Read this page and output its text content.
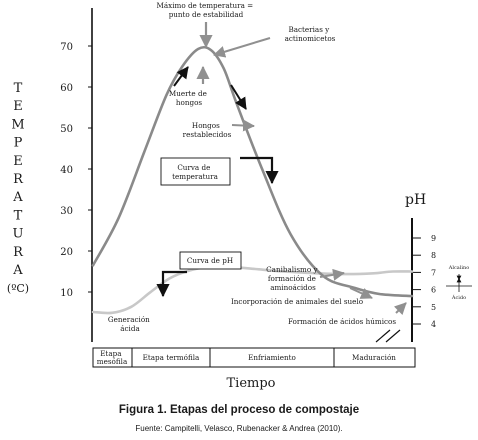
T
E
M
P
E
R
A
T
U
R
A
(ºC)
70
60
50
40
30
20
10
pH
9
8
7
6
5
4
Alcalino
Ácido
Máximo de temperatura = punto de estabilidad
Bacterias y actinomicetos
Muerte de hongos
Hongos restablecidos
Curva de temperatura
Curva de pH
Canibalismo y formación de aminoácidos
Incorporación de animales del suelo
Formación de ácidos húmicos
Generación ácida
Etapa mesófila Etapa termófila	Enfriamiento	Maduración
Tiempo
Figura 1. Etapas del proceso de compostaje
Fuente: Campitelli, Velasco, Rubenacker & Andrea (2010).
